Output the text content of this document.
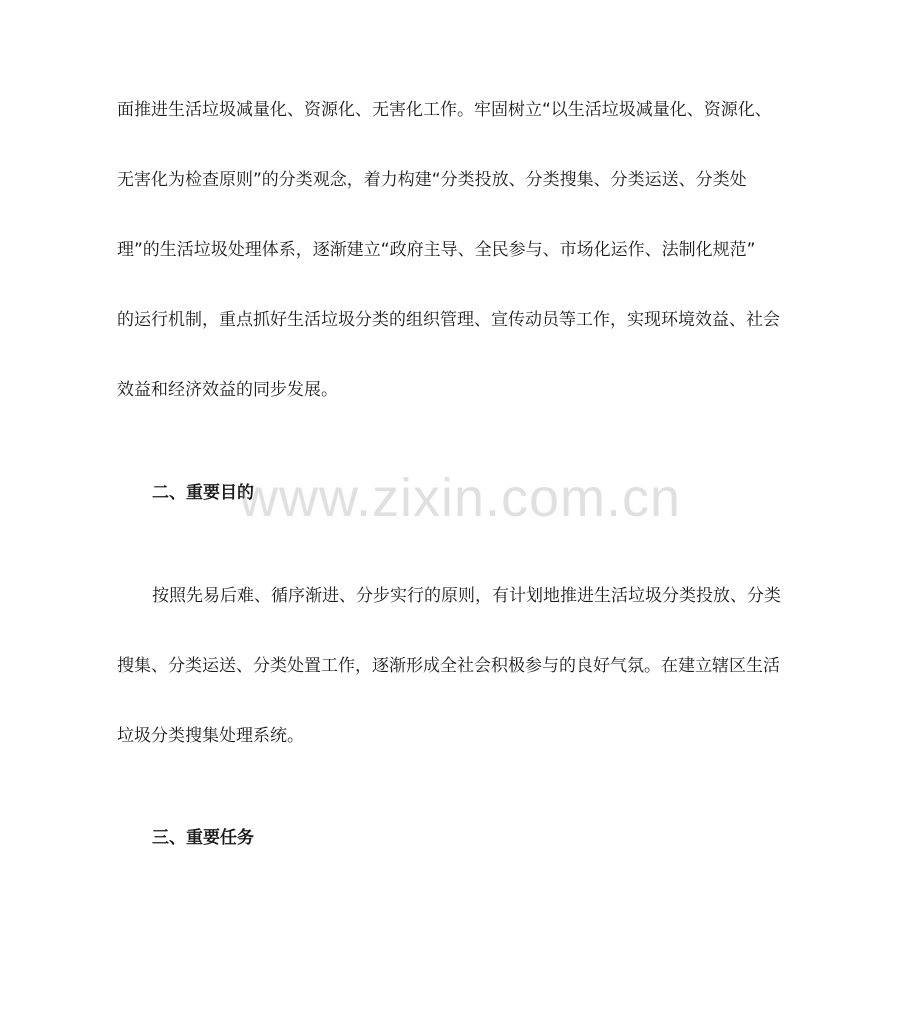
面推进生活垃圾减量化、资源化、无害化工作。牢固树立“以生活垃圾减量化、资源化、
无害化为检查原则”的分类观念，着力构建“分类投放、分类搜集、分类运送、分类处
理”的生活垃圾处理体系，逐渐建立“政府主导、全民参与、市场化运作、法制化规范”
的运行机制，重点抓好生活垃圾分类的组织管理、宣传动员等工作，实现环境效益、社会
效益和经济效益的同步发展。
二、重要目的
按照先易后难、循序渐进、分步实行的原则，有计划地推进生活垃圾分类投放、分类
搜集、分类运送、分类处置工作，逐渐形成全社会积极参与的良好气氛。在建立辖区生活
垃圾分类搜集处理系统。
三、重要任务
www.zixin.com.cn
